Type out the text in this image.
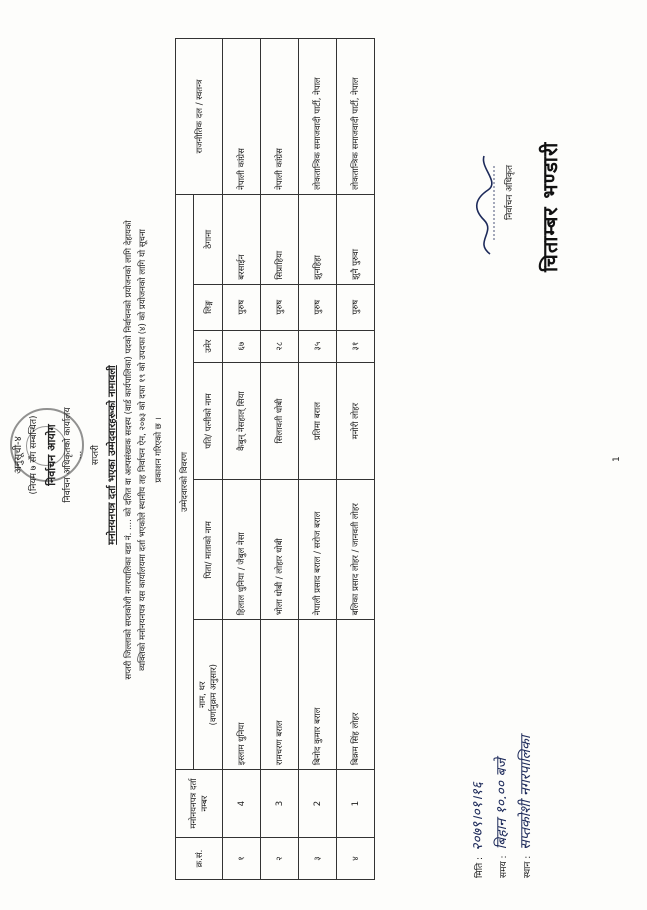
अनुसूची-४ (नियम ७ सँग सम्बन्धित) निर्वाचन आयोग निर्वाचन अधिकृतको कार्यालय ... सप्तरी मनोनयनपत्र दर्ता भएका उम्मेदवारहरूको नामावली सप्तरी जिल्लाको सप्तकोशी नगरपालिका वडा नं. .... को दलित वा अल्पसंख्यक सदस्य (वार्ड कार्यपालिका) पदको निर्वाचनको प्रयोजनको लागि देहायको व्यक्तिको मनोनयनपत्र यस कार्यालयमा दर्ता भएकोले स्थानीय तह निर्वाचन ऐन, २०७३ को दफा १९ को उपदफा (४) को प्रयोजनको लागि यो सूचना प्रकाशन गरिएको छ ।
क्र.सं.	मनोनयनपत्र दर्ता नम्बर	उम्मेदवारको विवरण						राजनीतिक दल / स्वतन्त्र
		नाम, थर
(वर्णानुक्रम अनुसार)	पिता/ माताको नाम	पति/ पत्नीको नाम	उमेर	लिङ्ग	ठेगाना	
१	4	इस्लाम धुनिया	हिलाल धुनिया / जैबुल नेसा	कैबुन् नेसहाल् सिया	६७	पुरुष	बरसाईन	नेपाली कांग्रेस
२	3	रामचरण बराल	भोला धोबी / लोहार धोबी	सिलावती धोबी	२८	पुरुष	सिप्राहिया	नेपाली कांग्रेस
३	2	बिनोद कुमार बराल	नेपाली प्रसाद बराल / सरोज बराल	प्रतिमा बराल	३५	पुरुष	झुनहिहा	लोकतान्त्रिक समाजवादी पार्टी, नेपाल
४	1	बिक्रम सिंह लोहर	बलिका प्रसाद लोहर / जानवती लोहर	मनोरी लोहर	३१	पुरुष	झुनै पुरुवा	लोकतान्त्रिक समाजवादी पार्टी, नेपाल
1
मिति :२०७९।०१।१६
समय :बिहान १०.०० बजे
स्थान :सप्तकोशी नगरपालिका
निर्वाचन अधिकृत चिताम्बर भण्डारी
